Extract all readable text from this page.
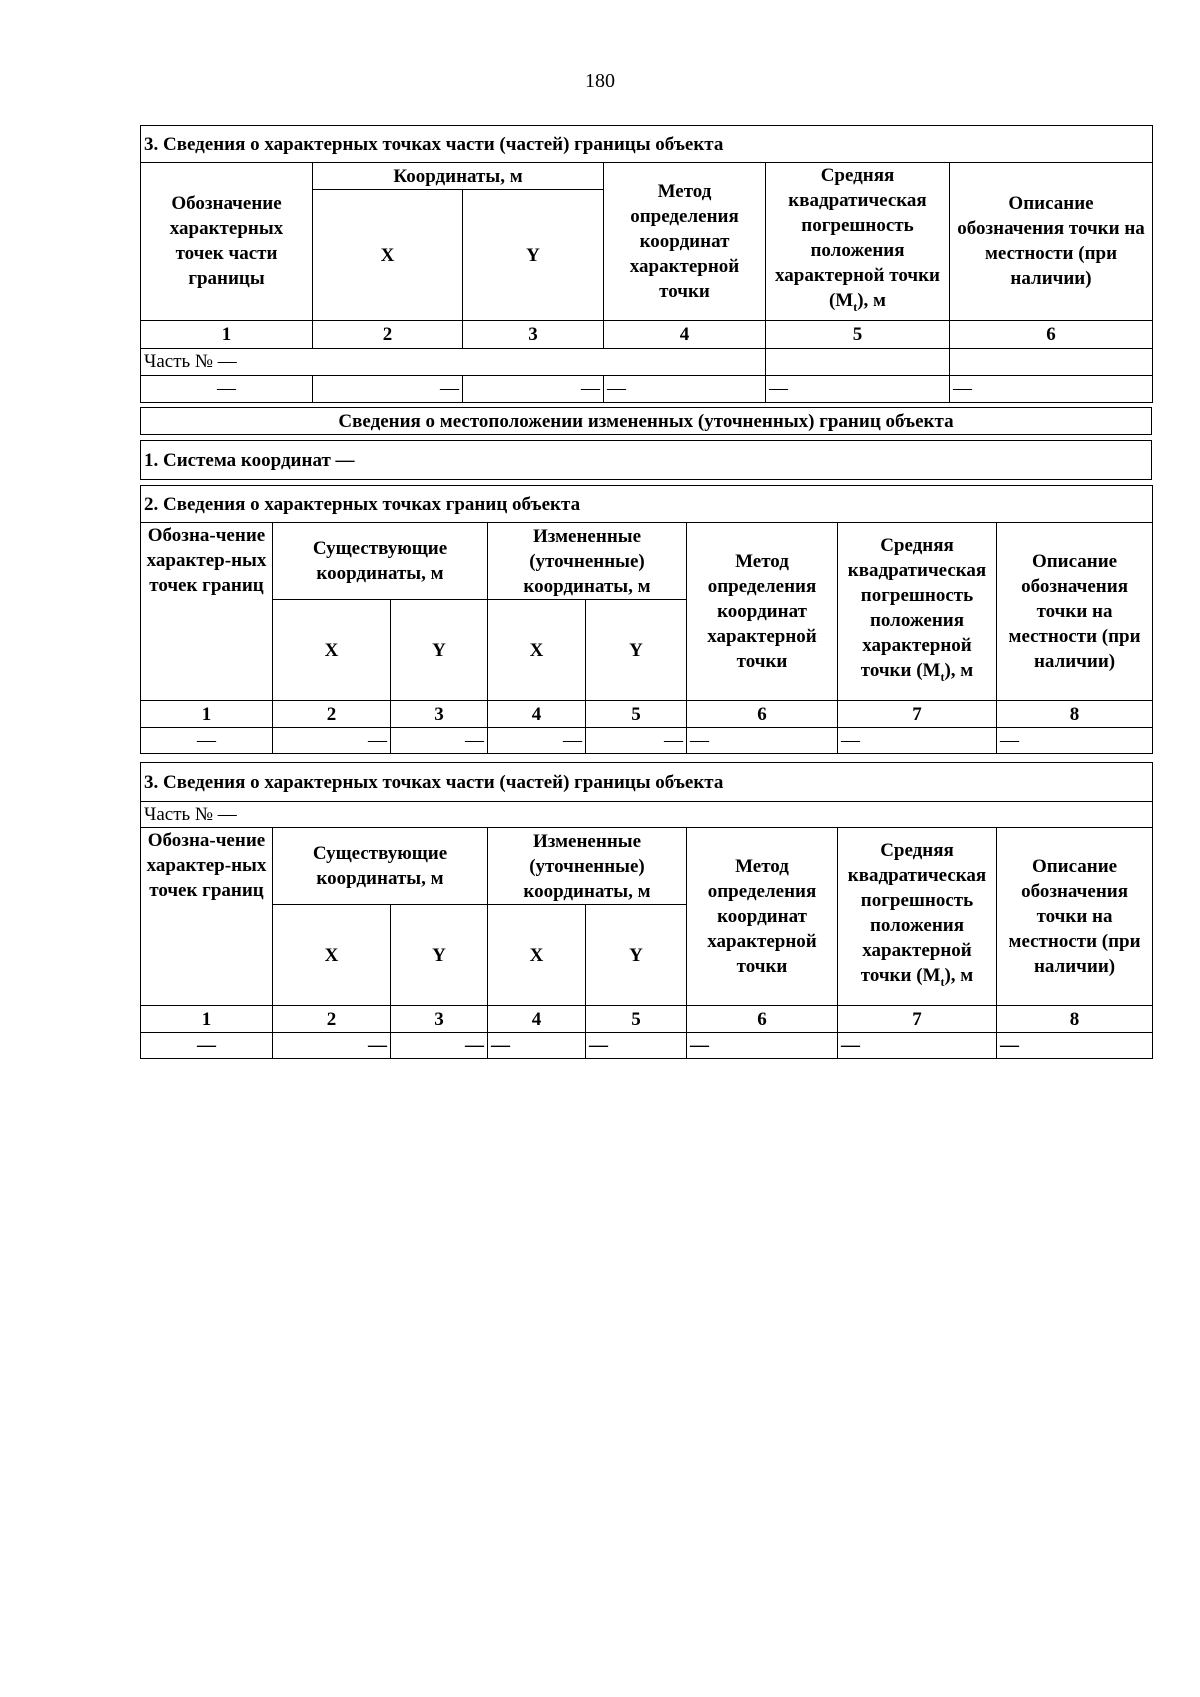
180
3. Сведения о характерных точках части (частей) границы объекта					
Обозначение характерных точек части границы	Координаты, м		Метод определения координат характерной точки	Средняя квадратическая погрешность положения характерной точки $(M_t)$, м	Описание обозначения точки на местности (при наличии)
	X	Y			
1	2	3	4	5	6
Часть № —					
—	—	—	—	—	—
Сведения о местоположении измененных (уточненных) границ объекта
1. Система координат —
2. Сведения о характерных точках границ объекта							
Обозна-чение характер-ных точек границ	Существующие координаты, м		Измененные (уточненные) координаты, м		Метод определения координат характерной точки	Средняя квадратическая погрешность положения характерной точки $(M_t)$, м	Описание обозначения точки на местности (при наличии)
	X	Y	X	Y			
1	2	3	4	5	6	7	8
—	—	—	—	—	—	—	—
3. Сведения о характерных точках части (частей) границы объекта							
Часть № —							
Обозна-чение характер-ных точек границ	Существующие координаты, м		Измененные (уточненные) координаты, м		Метод определения координат характерной точки	Средняя квадратическая погрешность положения характерной точки $(M_t)$, м	Описание обозначения точки на местности (при наличии)
	X	Y	X	Y			
1	2	3	4	5	6	7	8
—	—	—	—	—	—	—	—
